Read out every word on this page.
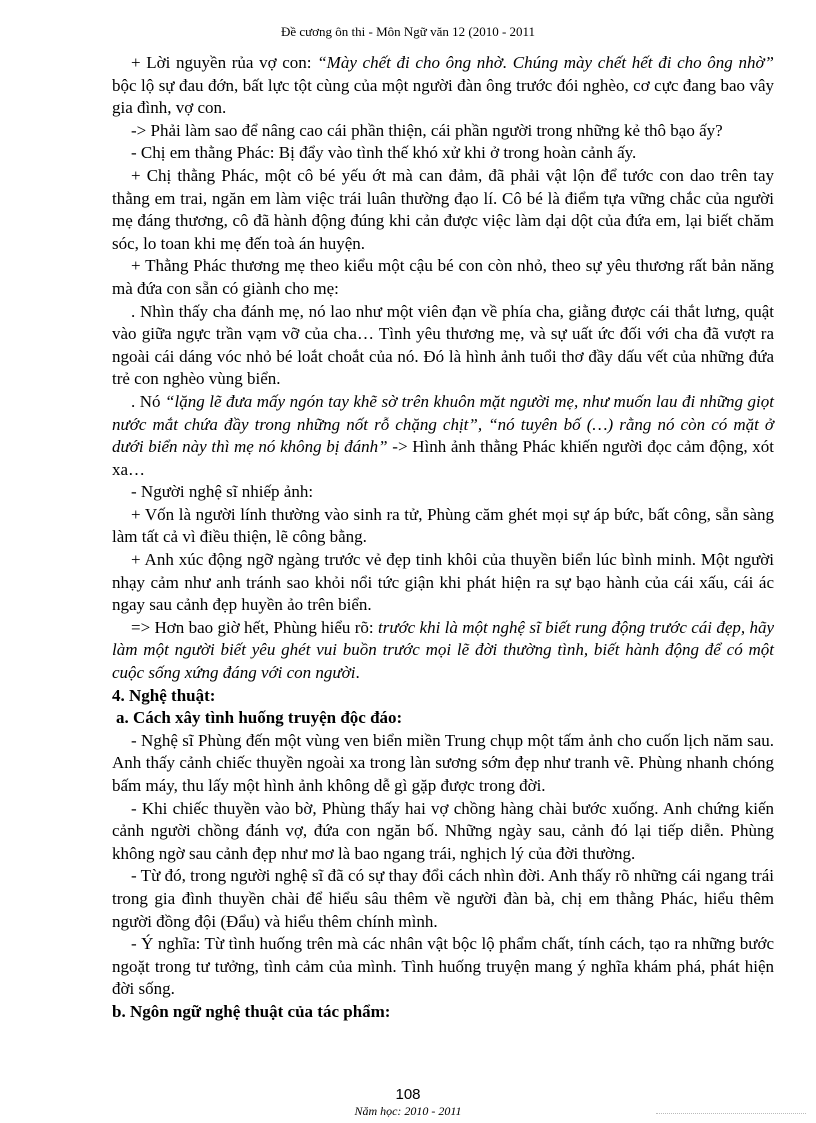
Đề cương ôn thi - Môn Ngữ văn 12 (2010 - 2011

+ Lời nguyền rủa vợ con: “Mày chết đi cho ông nhờ. Chúng mày chết hết đi cho ông nhờ” bộc lộ sự đau đớn, bất lực tột cùng của một người đàn ông trước đói nghèo, cơ cực đang bao vây gia đình, vợ con.

-> Phải làm sao để nâng cao cái phần thiện, cái phần người trong những kẻ thô bạo ấy?

- Chị em thằng Phác: Bị đẩy vào tình thế khó xử khi ở trong hoàn cảnh ấy.

+ Chị thằng Phác, một cô bé yếu ớt mà can đảm, đã phải vật lộn để tước con dao trên tay thằng em trai, ngăn em làm việc trái luân thường đạo lí. Cô bé là điểm tựa vững chắc của người mẹ đáng thương, cô đã hành động đúng khi cản được việc làm dại dột của đứa em, lại biết chăm sóc, lo toan khi mẹ đến toà án huyện.

+ Thằng Phác thương mẹ theo kiểu một cậu bé con còn nhỏ, theo sự yêu thương rất bản năng mà đứa con sẵn có giành cho mẹ:

. Nhìn thấy cha đánh mẹ, nó lao như một viên đạn về phía cha, giằng được cái thắt lưng, quật vào giữa ngực trần vạm vỡ của cha… Tình yêu thương mẹ, và sự uất ức đối với cha đã vượt ra ngoài cái dáng vóc nhỏ bé loắt choắt của nó. Đó là hình ảnh tuổi thơ đầy dấu vết của những đứa trẻ con nghèo vùng biển.

. Nó “lặng lẽ đưa mấy ngón tay khẽ sờ trên khuôn mặt người mẹ, như muốn lau đi những giọt nước mắt chứa đầy trong những nốt rỗ chặng chịt”, “nó tuyên bố (…) rằng nó còn có mặt ở dưới biển này thì mẹ nó không bị đánh” -> Hình ảnh thằng Phác khiến người đọc cảm động, xót xa…

- Người nghệ sĩ nhiếp ảnh:

+ Vốn là người lính thường vào sinh ra tử, Phùng căm ghét mọi sự áp bức, bất công, sẵn sàng làm tất cả vì điều thiện, lẽ công bằng.

+ Anh xúc động ngỡ ngàng trước vẻ đẹp tinh khôi của thuyền biển lúc bình minh. Một người nhạy cảm như anh tránh sao khỏi nổi tức giận khi phát hiện ra sự bạo hành của cái xấu, cái ác ngay sau cảnh đẹp huyền ảo trên biển.

=> Hơn bao giờ hết, Phùng hiểu rõ: trước khi là một nghệ sĩ biết rung động trước cái đẹp, hãy làm một người biết yêu ghét vui buồn trước mọi lẽ đời thường tình, biết hành động để có một cuộc sống xứng đáng với con người.

4. Nghệ thuật:

a. Cách xây tình huống truyện độc đáo:

- Nghệ sĩ Phùng đến một vùng ven biển miền Trung chụp một tấm ảnh cho cuốn lịch năm sau. Anh thấy cảnh chiếc thuyền ngoài xa trong làn sương sớm đẹp như tranh vẽ. Phùng nhanh chóng bấm máy, thu lấy một hình ảnh không dễ gì gặp được trong đời.

- Khi chiếc thuyền vào bờ, Phùng thấy hai vợ chồng hàng chài bước xuống. Anh chứng kiến cảnh người chồng đánh vợ, đứa con ngăn bố. Những ngày sau, cảnh đó lại tiếp diễn. Phùng không ngờ sau cảnh đẹp như mơ là bao ngang trái, nghịch lý của đời thường.

- Từ đó, trong người nghệ sĩ đã có sự thay đổi cách nhìn đời. Anh thấy rõ những cái ngang trái trong gia đình thuyền chài để hiểu sâu thêm về người đàn bà, chị em thằng Phác, hiểu thêm người đồng đội (Đẩu) và hiểu thêm chính mình.

- Ý nghĩa: Từ tình huống trên mà các nhân vật bộc lộ phẩm chất, tính cách, tạo ra những bước ngoặt trong tư tưởng, tình cảm của mình. Tình huống truyện mang ý nghĩa khám phá, phát hiện đời sống.

b. Ngôn ngữ nghệ thuật của tác phẩm:

108
Năm học: 2010 - 2011
